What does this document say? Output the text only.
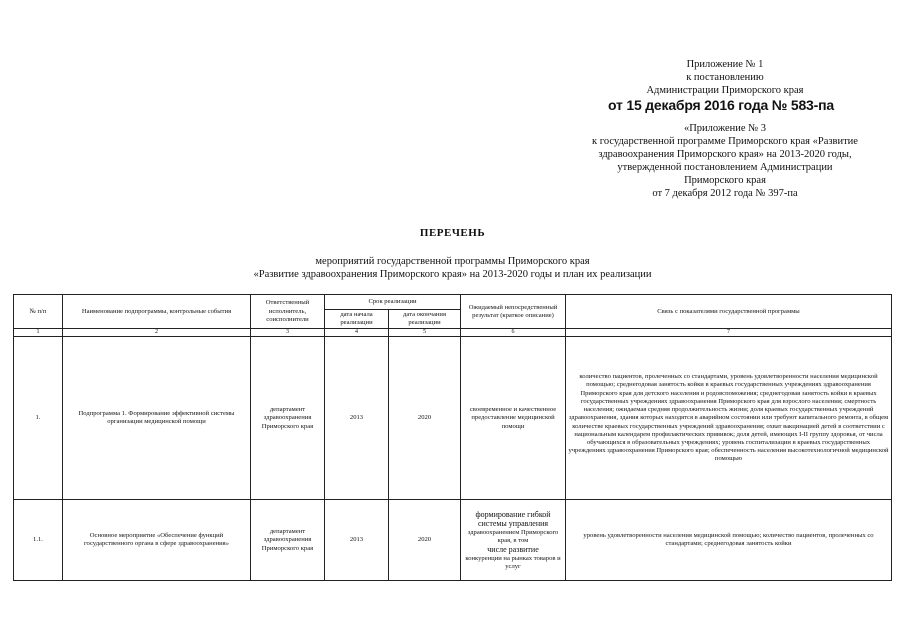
Приложение № 1
к постановлению
Администрации Приморского края
от 15 декабря 2016 года № 583-па
«Приложение № 3
к государственной программе Приморского края «Развитие
здравоохранения Приморского края» на 2013-2020 годы,
утвержденной постановлением Администрации
Приморского края
от 7 декабря 2012 года № 397-па
ПЕРЕЧЕНЬ
мероприятий государственной программы Приморского края
«Развитие здравоохранения Приморского края» на 2013-2020 годы и план их реализации
№ п/п	Наименование подпрограммы, контрольные события	Ответственный исполнитель, соисполнители	Срок реализации		Ожидаемый непосредственный результат (краткое описание)	Связь с показателями государственной программы
			дата начала реализации	дата окончания реализации		
1	2	3	4	5	6	7
1.	Подпрограмма 1. Формирование эффективной системы организации медицинской помощи	департамент здравоохранения Приморского края	2013	2020	своевременное и качественное предоставление медицинской помощи	количество пациентов, пролеченных со стандартами, уровень удовлетворенности населения медицинской помощью; среднегодовая занятость койки в краевых государственных учреждениях здравоохранения Приморского края для детского населения и родовспоможения; среднегодовая занятость койки в краевых государственных учреждениях здравоохранения Приморского края для взрослого населения; смертность населения; ожидаемая средняя продолжительность жизни; доля краевых государственных учреждений здравоохранения, здания которых находятся в аварийном состоянии или требуют капитального ремонта, в общем количестве краевых государственных учреждений здравоохранения; охват вакцинацией детей в соответствии с национальным календарем профилактических прививок; доля детей, имеющих I-II группу здоровья, от числа обучающихся в образовательных учреждениях; уровень госпитализации в краевых государственных учреждениях здравоохранения Приморского края; обеспеченность населения высокотехнологичной медицинской помощью
1.1.	Основное мероприятие «Обеспечение функций государственного органа в сфере здравоохранения»	департамент здравоохранения Приморского края	2013	2020	формирование гибкой
системы управления
здравоохранением Приморского края, в том
числе развитие
конкуренции на рынках товаров и услуг	уровень удовлетворенности населения медицинской помощью; количество пациентов, пролеченных со стандартами; среднегодовая занятость койки
